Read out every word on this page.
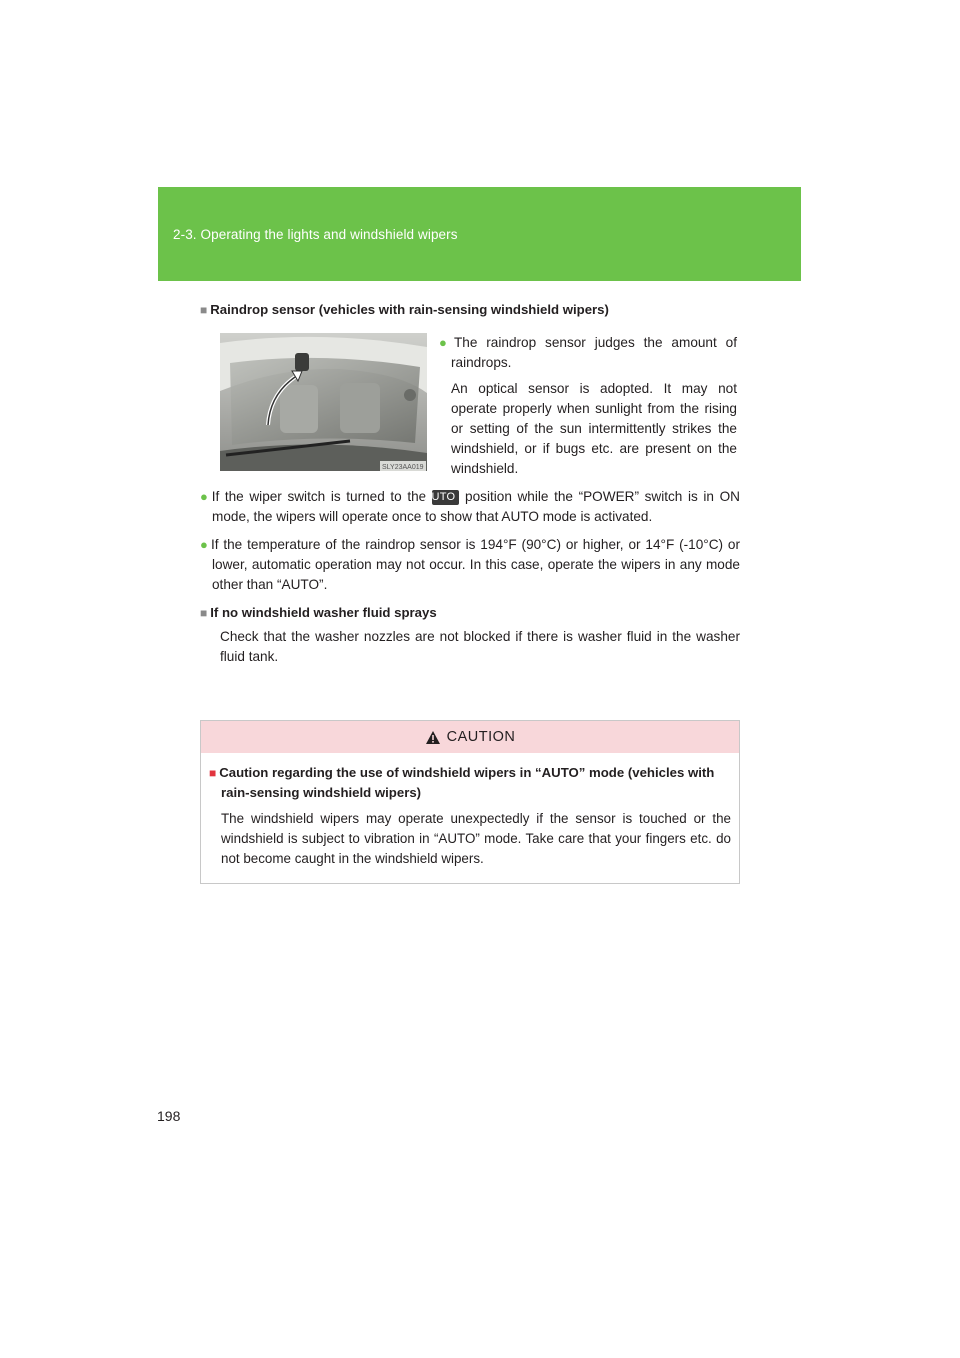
2-3. Operating the lights and windshield wipers
■ Raindrop sensor (vehicles with rain-sensing windshield wipers)
SLY23AA019

● The raindrop sensor judges the amount of raindrops.

An optical sensor is adopted. It may not operate properly when sunlight from the rising or setting of the sun intermittently strikes the windshield, or if bugs etc. are present on the windshield.

● If the wiper switch is turned to the AUTO position while the “POWER” switch is in ON mode, the wipers will operate once to show that AUTO mode is activated.
● If the temperature of the raindrop sensor is 194°F (90°C) or higher, or 14°F (-10°C) or lower, automatic operation may not occur. In this case, operate the wipers in any mode other than “AUTO”.
■ If no windshield washer fluid sprays
Check that the washer nozzles are not blocked if there is washer fluid in the washer fluid tank.
CAUTION
■ Caution regarding the use of windshield wipers in “AUTO” mode (vehicles with rain-sensing windshield wipers)
The windshield wipers may operate unexpectedly if the sensor is touched or the windshield is subject to vibration in “AUTO” mode. Take care that your fingers etc. do not become caught in the windshield wipers.
198
